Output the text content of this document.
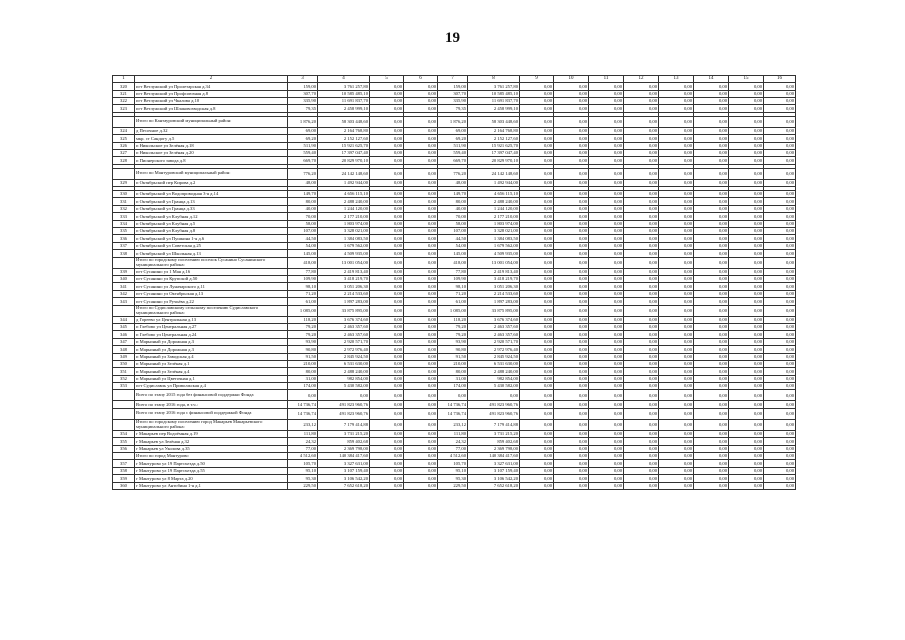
19
1	2	3	4	5	6	7	8	9	10	11	12	13	14	15	16
320	пгт Ветлужский ул Пролетарская д.34	159,00	3 761 257,80	0,00	0,00	159,00	3 761 257,80	0,00	0,00	0,00	0,00	0,00	0,00	0,00	0,00
321	пгт Ветлужский ул Профсоюзная д.8	307,70	10 585 485,10	0,00	0,00	307,70	10 585 485,10	0,00	0,00	0,00	0,00	0,00	0,00	0,00	0,00
322	пгт Ветлужский ул Чкалова д.10	335,90	11 691 837,70	0,00	0,00	335,90	11 691 837,70	0,00	0,00	0,00	0,00	0,00	0,00	0,00	0,00
323	пгт Ветлужский ул Шлаковозводская д.8	79,35	2 458 999,10	0,00	0,00	79,35	2 458 999,10	0,00	0,00	0,00	0,00	0,00	0,00	0,00	0,00

	Итого по Кантауровский муниципальный район:	1 876,20	58 303 448,60	0,00	0,00	1 876,20	58 303 448,60	0,00	0,00	0,00	0,00	0,00	0,00	0,00	0,00
324	д Песочное д.32	69,00	2 164 768,80	0,00	0,00	69,00	2 164 768,80	0,00	0,00	0,00	0,00	0,00	0,00	0,00	0,00
325	мкр. ст Сандогу д.5	69,20	2 152 127,60	0,00	0,00	69,20	2 152 127,60	0,00	0,00	0,00	0,00	0,00	0,00	0,00	0,00
326	п Никольское ул Зелёная д.18	511,90	15 921 625,70	0,00	0,00	511,90	15 921 625,70	0,00	0,00	0,00	0,00	0,00	0,00	0,00	0,00
327	п Никольское ул Зелёная д.20	559,40	17 397 047,40	0,00	0,00	559,40	17 397 047,40	0,00	0,00	0,00	0,00	0,00	0,00	0,00	0,00
328	п Пионерского завода д.8	669,70	20 829 970,10	0,00	0,00	669,70	20 829 970,10	0,00	0,00	0,00	0,00	0,00	0,00	0,00	0,00

	Итого по Мантуровский муниципальный район:	776,20	24 142 148,60	0,00	0,00	776,20	24 142 148,60	0,00	0,00	0,00	0,00	0,00	0,00	0,00	0,00
329	п Октябрьский пер Кирова д.2	48,00	1 492 944,00	0,00	0,00	48,00	1 492 944,00	0,00	0,00	0,00	0,00	0,00	0,00	0,00	0,00

330	п Октябрьский ул Водопроводная 3-я д.14	149,70	4 656 115,10	0,00	0,00	149,70	4 656 115,10	0,00	0,00	0,00	0,00	0,00	0,00	0,00	0,00
331	п Октябрьский ул Гранца д.13	80,00	2 488 240,00	0,00	0,00	80,00	2 488 240,00	0,00	0,00	0,00	0,00	0,00	0,00	0,00	0,00
332	п Октябрьский ул Гранца д.33	40,00	1 244 120,00	0,00	0,00	40,00	1 244 120,00	0,00	0,00	0,00	0,00	0,00	0,00	0,00	0,00
333	п Октябрьский ул Клубная д.12	70,00	2 177 210,00	0,00	0,00	70,00	2 177 210,00	0,00	0,00	0,00	0,00	0,00	0,00	0,00	0,00
334	п Октябрьский ул Клубная д.5	58,00	1 803 974,00	0,00	0,00	58,00	1 803 974,00	0,00	0,00	0,00	0,00	0,00	0,00	0,00	0,00
335	п Октябрьский ул Клубная д.8	107,00	3 328 021,00	0,00	0,00	107,00	3 328 021,00	0,00	0,00	0,00	0,00	0,00	0,00	0,00	0,00
336	п Октябрьский ул Пушкина 1-я д.6	44,50	1 384 083,50	0,00	0,00	44,50	1 384 083,50	0,00	0,00	0,00	0,00	0,00	0,00	0,00	0,00
337	п Октябрьский ул Советская д.25	54,00	1 679 562,00	0,00	0,00	54,00	1 679 562,00	0,00	0,00	0,00	0,00	0,00	0,00	0,00	0,00
338	п Октябрьский ул Школьная д.13	145,00	4 509 935,00	0,00	0,00	145,00	4 509 935,00	0,00	0,00	0,00	0,00	0,00	0,00	0,00	0,00
	Итого по городскому поселению поселок Сусанино Сусанинского муниципального района:	418,00	13 001 054,00	0,00	0,00	418,00	13 001 054,00	0,00	0,00	0,00	0,00	0,00	0,00	0,00	0,00
339	пгт Сусанино ул 1 Мая д.16	77,80	2 419 813,40	0,00	0,00	77,80	2 419 813,40	0,00	0,00	0,00	0,00	0,00	0,00	0,00	0,00
340	пгт Сусанино ул Крупской д.50	109,90	3 418 219,70	0,00	0,00	109,90	3 418 219,70	0,00	0,00	0,00	0,00	0,00	0,00	0,00	0,00
341	пгт Сусанино ул Луначарского д.11	98,10	3 051 206,30	0,00	0,00	98,10	3 051 206,30	0,00	0,00	0,00	0,00	0,00	0,00	0,00	0,00
342	пгт Сусанино ул Октябрьская д.13	71,20	2 214 533,60	0,00	0,00	71,20	2 214 533,60	0,00	0,00	0,00	0,00	0,00	0,00	0,00	0,00
343	пгт Сусанино ул Ручьёва д.22	61,00	1 897 283,00	0,00	0,00	61,00	1 897 283,00	0,00	0,00	0,00	0,00	0,00	0,00	0,00	0,00
	Итого по Судиславскому сельскому поселению Судиславского муниципального района:	1 085,00	33 875 895,00	0,00	0,00	1 085,00	33 875 895,00	0,00	0,00	0,00	0,00	0,00	0,00	0,00	0,00
344	д Гореево ул Центральная д.13	118,20	3 676 374,60	0,00	0,00	118,20	3 676 374,60	0,00	0,00	0,00	0,00	0,00	0,00	0,00	0,00
345	п Глебово ул Центральная д.27	79,20	2 463 357,60	0,00	0,00	79,20	2 463 357,60	0,00	0,00	0,00	0,00	0,00	0,00	0,00	0,00
346	п Глебово ул Центральная д.24	79,20	2 463 357,60	0,00	0,00	79,20	2 463 357,60	0,00	0,00	0,00	0,00	0,00	0,00	0,00	0,00
347	п Марьиный ул Дорожная д.3	93,90	2 920 571,70	0,00	0,00	93,90	2 920 571,70	0,00	0,00	0,00	0,00	0,00	0,00	0,00	0,00
348	п Марьиный ул Дорожная д.3	90,80	2 972 976,40	0,00	0,00	90,80	2 972 976,40	0,00	0,00	0,00	0,00	0,00	0,00	0,00	0,00
349	п Марьиный ул Заводская д.4	91,50	2 845 924,50	0,00	0,00	91,50	2 845 924,50	0,00	0,00	0,00	0,00	0,00	0,00	0,00	0,00
350	п Марьиный ул Зелёная д.1	210,00	6 531 630,00	0,00	0,00	210,00	6 531 630,00	0,00	0,00	0,00	0,00	0,00	0,00	0,00	0,00
351	п Марьиный ул Зелёная д.4	80,00	2 488 240,00	0,00	0,00	80,00	2 488 240,00	0,00	0,00	0,00	0,00	0,00	0,00	0,00	0,00
352	п Марьиный ул Цветочная д.1	31,00	982 854,00	0,00	0,00	31,00	982 854,00	0,00	0,00	0,00	0,00	0,00	0,00	0,00	0,00
353	пгт Судиславль ул Приволжская д.4	174,00	5 430 582,00	0,00	0,00	174,00	5 430 582,00	0,00	0,00	0,00	0,00	0,00	0,00	0,00	0,00
	Всего по этапу 2015 года без финансовой поддержки Фонда	0,00	0,00	0,00	0,00	0,00	0,00	0,00	0,00	0,00	0,00	0,00	0,00	0,00	0,00
	Всего по этапу 2016 года, в т.ч.:	14 736,74	491 823 960,76	0,00	0,00	14 736,74	491 823 960,76	0,00	0,00	0,00	0,00	0,00	0,00	0,00	0,00
	Всего по этапу 2016 года с финансовой поддержкой Фонда	14 736,74	491 823 960,76	0,00	0,00	14 736,74	491 823 960,76	0,00	0,00	0,00	0,00	0,00	0,00	0,00	0,00
	Итого по городскому поселению город Макарьев Макарьевского муниципального района:	233,12	7 179 414,88	0,00	0,00	233,12	7 179 414,88	0,00	0,00	0,00	0,00	0,00	0,00	0,00	0,00
354	г Макарьев пер Водоёмная д.19	111,80	3 731 215,20	0,00	0,00	111,80	3 731 215,20	0,00	0,00	0,00	0,00	0,00	0,00	0,00	0,00
355	г Макарьев ул Зелёная д.32	24,32	859 402,68	0,00	0,00	24,32	859 402,68	0,00	0,00	0,00	0,00	0,00	0,00	0,00	0,00
356	г Макарьев ул Уколова д.35	77,00	2 369 798,00	0,00	0,00	77,00	2 369 798,00	0,00	0,00	0,00	0,00	0,00	0,00	0,00	0,00
	Итого по город Мантурово	4 512,60	140 384 417,60	0,00	0,00	4 512,60	140 384 417,60	0,00	0,00	0,00	0,00	0,00	0,00	0,00	0,00
357	г Мантурово ул 19 Партсъезда д.50	105,70	3 327 631,00	0,00	0,00	105,70	3 327 631,00	0,00	0,00	0,00	0,00	0,00	0,00	0,00	0,00
358	г Мантурово ул 19 Партсъезда д.55	95,10	3 107 159,40	0,00	0,00	95,10	3 107 159,40	0,00	0,00	0,00	0,00	0,00	0,00	0,00	0,00
359	г Мантурово ул 8 Марта д.20	95,30	3 106 542,20	0,00	0,00	95,30	3 106 542,20	0,00	0,00	0,00	0,00	0,00	0,00	0,00	0,00
360	г Мантурово ул Антобина 1-я д.1	229,50	7 652 618,20	0,00	0,00	229,50	7 652 618,20	0,00	0,00	0,00	0,00	0,00	0,00	0,00	0,00
